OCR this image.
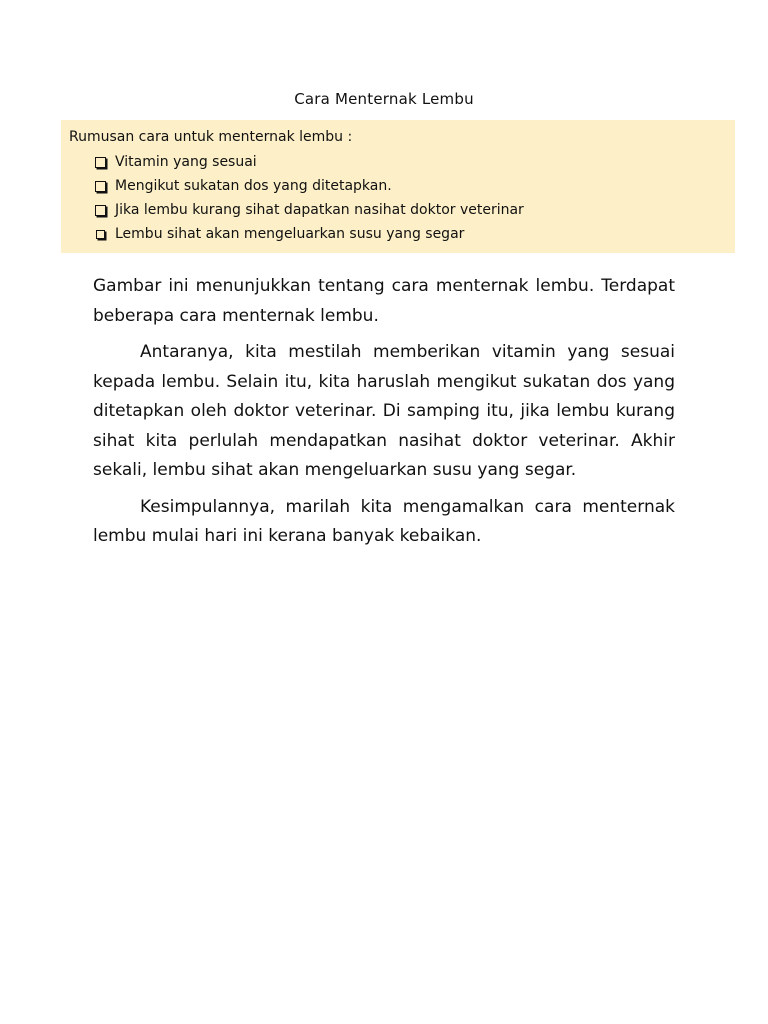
Cara Menternak Lembu
Rumusan cara untuk menternak lembu :
Vitamin yang sesuai
Mengikut sukatan dos yang ditetapkan.
Jika lembu kurang sihat dapatkan nasihat doktor veterinar
Lembu sihat akan mengeluarkan susu yang segar

Gambar ini menunjukkan tentang cara menternak lembu. Terdapat beberapa cara menternak lembu.

Antaranya, kita mestilah memberikan vitamin yang sesuai kepada lembu. Selain itu, kita haruslah mengikut sukatan dos yang ditetapkan oleh doktor veterinar. Di samping itu, jika lembu kurang sihat kita perlulah mendapatkan nasihat doktor veterinar. Akhir sekali, lembu sihat akan mengeluarkan susu yang segar.

Kesimpulannya, marilah kita mengamalkan cara menternak lembu mulai hari ini kerana banyak kebaikan.
